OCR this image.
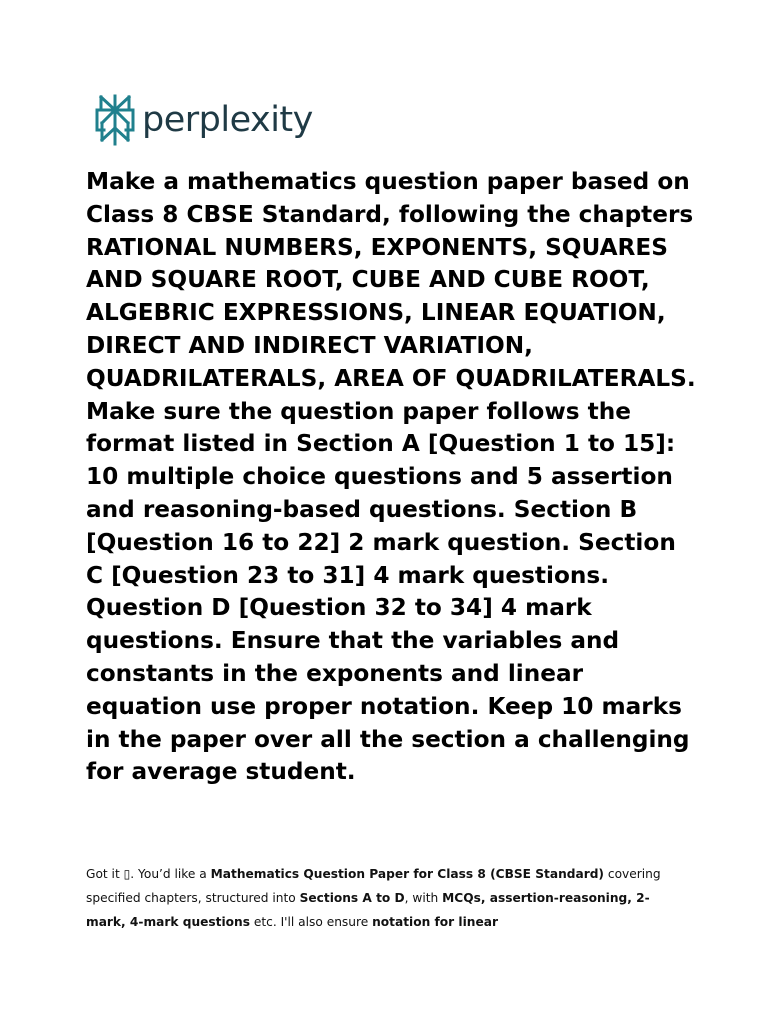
perplexity

Make a mathematics question paper based on Class 8 CBSE Standard, following the chapters RATIONAL NUMBERS, EXPONENTS, SQUARES AND SQUARE ROOT, CUBE AND CUBE ROOT, ALGEBRIC EXPRESSIONS, LINEAR EQUATION, DIRECT AND INDIRECT VARIATION, QUADRILATERALS, AREA OF QUADRILATERALS. Make sure the question paper follows the format listed in Section A [Question 1 to 15]: 10 multiple choice questions and 5 assertion and reasoning-based questions. Section B [Question 16 to 22] 2 mark question. Section C [Question 23 to 31] 4 mark questions. Question D [Question 32 to 34] 4 mark questions. Ensure that the variables and constants in the exponents and linear equation use proper notation. Keep 10 marks in the paper over all the section a challenging for average student.

Got it ▯. You’d like a Mathematics Question Paper for Class 8 (CBSE Standard) covering specified chapters, structured into Sections A to D, with MCQs, assertion-reasoning, 2-mark, 4-mark questions etc. I'll also ensure notation for linear
